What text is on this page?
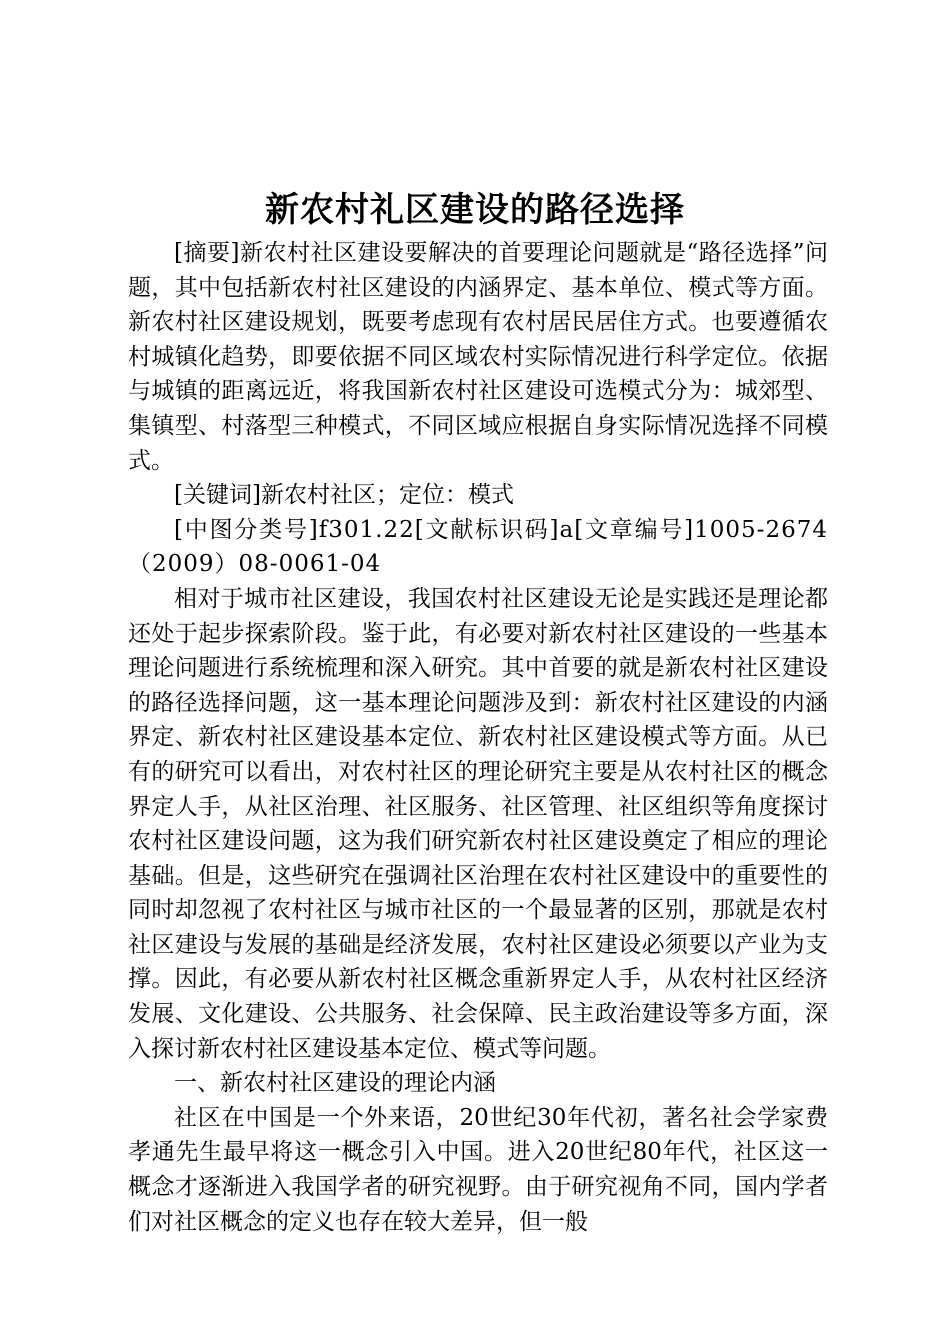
新农村礼区建设的路径选择

[摘要]新农村社区建设要解决的首要理论问题就是“路径选择”问题，其中包括新农村社区建设的内涵界定、基本单位、模式等方面。新农村社区建设规划，既要考虑现有农村居民居住方式。也要遵循农村城镇化趋势，即要依据不同区域农村实际情况进行科学定位。依据与城镇的距离远近，将我国新农村社区建设可选模式分为：城郊型、集镇型、村落型三种模式，不同区域应根据自身实际情况选择不同模式。

[关键词]新农村社区；定位：模式

[中图分类号]f301.22[文献标识码]a[文章编号]1005-2674（2009）08-0061-04

相对于城市社区建设，我国农村社区建设无论是实践还是理论都还处于起步探索阶段。鉴于此，有必要对新农村社区建设的一些基本理论问题进行系统梳理和深入研究。其中首要的就是新农村社区建设的路径选择问题，这一基本理论问题涉及到：新农村社区建设的内涵界定、新农村社区建设基本定位、新农村社区建设模式等方面。从已有的研究可以看出，对农村社区的理论研究主要是从农村社区的概念界定人手，从社区治理、社区服务、社区管理、社区组织等角度探讨农村社区建设问题，这为我们研究新农村社区建设奠定了相应的理论基础。但是，这些研究在强调社区治理在农村社区建设中的重要性的同时却忽视了农村社区与城市社区的一个最显著的区别，那就是农村社区建设与发展的基础是经济发展，农村社区建设必须要以产业为支撑。因此，有必要从新农村社区概念重新界定人手，从农村社区经济发展、文化建设、公共服务、社会保障、民主政治建设等多方面，深入探讨新农村社区建设基本定位、模式等问题。

一、新农村社区建设的理论内涵

社区在中国是一个外来语，20世纪30年代初，著名社会学家费孝通先生最早将这一概念引入中国。进入20世纪80年代，社区这一概念才逐渐进入我国学者的研究视野。由于研究视角不同，国内学者们对社区概念的定义也存在较大差异，但一般
